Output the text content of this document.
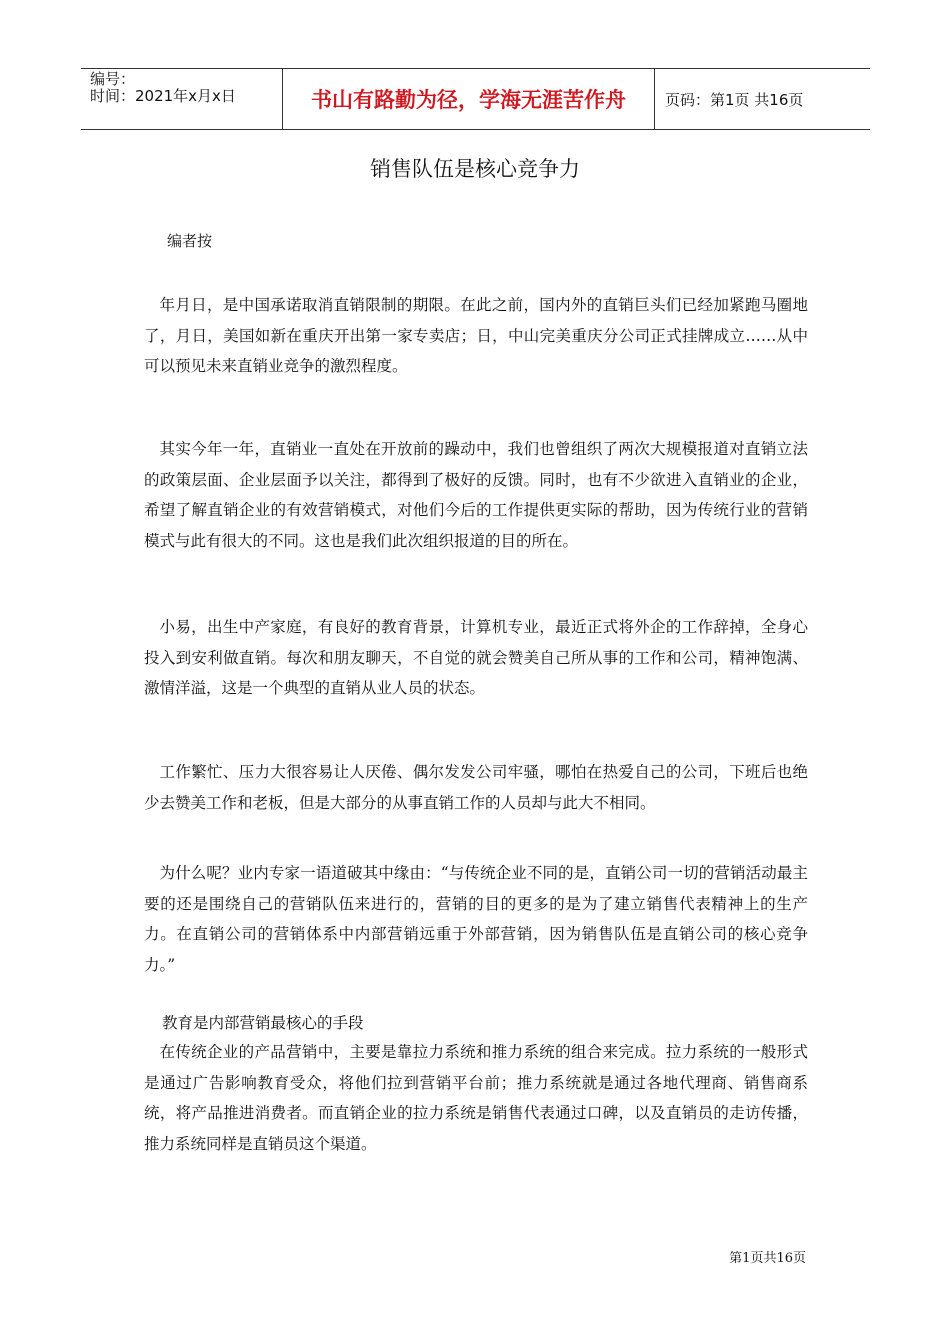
编号：
时间：2021年x月x日	书山有路勤为径，学海无涯苦作舟	页码：第1页 共16页
销售队伍是核心竞争力
编者按

年月日，是中国承诺取消直销限制的期限。在此之前，国内外的直销巨头们已经加紧跑马圈地了，月日，美国如新在重庆开出第一家专卖店；日，中山完美重庆分公司正式挂牌成立……从中可以预见未来直销业竞争的激烈程度。

其实今年一年，直销业一直处在开放前的躁动中，我们也曾组织了两次大规模报道对直销立法的政策层面、企业层面予以关注，都得到了极好的反馈。同时，也有不少欲进入直销业的企业，希望了解直销企业的有效营销模式，对他们今后的工作提供更实际的帮助，因为传统行业的营销模式与此有很大的不同。这也是我们此次组织报道的目的所在。

小易，出生中产家庭，有良好的教育背景，计算机专业，最近正式将外企的工作辞掉，全身心投入到安利做直销。每次和朋友聊天，不自觉的就会赞美自己所从事的工作和公司，精神饱满、激情洋溢，这是一个典型的直销从业人员的状态。

工作繁忙、压力大很容易让人厌倦、偶尔发发公司牢骚，哪怕在热爱自己的公司，下班后也绝少去赞美工作和老板，但是大部分的从事直销工作的人员却与此大不相同。

为什么呢？业内专家一语道破其中缘由：“与传统企业不同的是，直销公司一切的营销活动最主要的还是围绕自己的营销队伍来进行的，营销的目的更多的是为了建立销售代表精神上的生产力。在直销公司的营销体系中内部营销远重于外部营销，因为销售队伍是直销公司的核心竞争力。”

教育是内部营销最核心的手段

在传统企业的产品营销中，主要是靠拉力系统和推力系统的组合来完成。拉力系统的一般形式是通过广告影响教育受众，将他们拉到营销平台前；推力系统就是通过各地代理商、销售商系统，将产品推进消费者。而直销企业的拉力系统是销售代表通过口碑，以及直销员的走访传播，推力系统同样是直销员这个渠道。

第1页共16页
